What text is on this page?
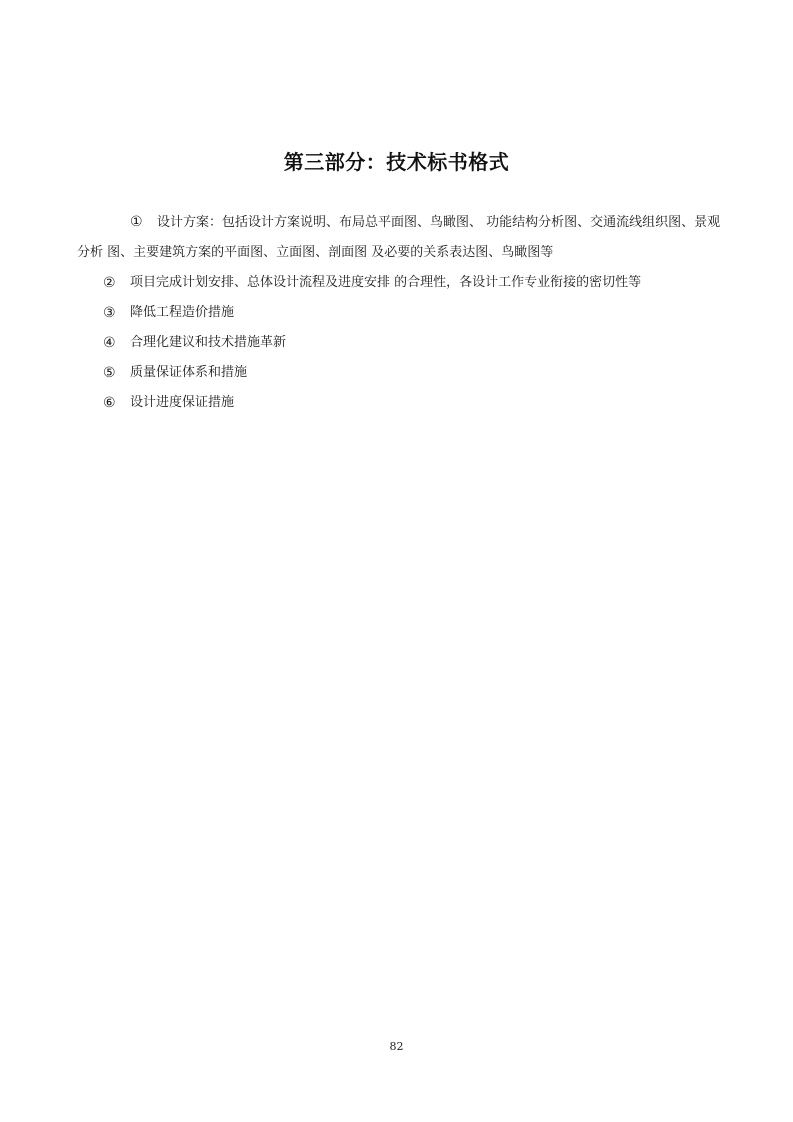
第三部分：技术标书格式
① 设计方案：包括设计方案说明、布局总平面图、鸟瞰图、 功能结构分析图、交通流线组织图、景观分析 图、主要建筑方案的平面图、立面图、剖面图 及必要的关系表达图、鸟瞰图等
②	项目完成计划安排、总体设计流程及进度安排 的合理性，各设计工作专业衔接的密切性等
③	降低工程造价措施
④	合理化建议和技术措施革新
⑤	质量保证体系和措施
⑥	设计进度保证措施
82
